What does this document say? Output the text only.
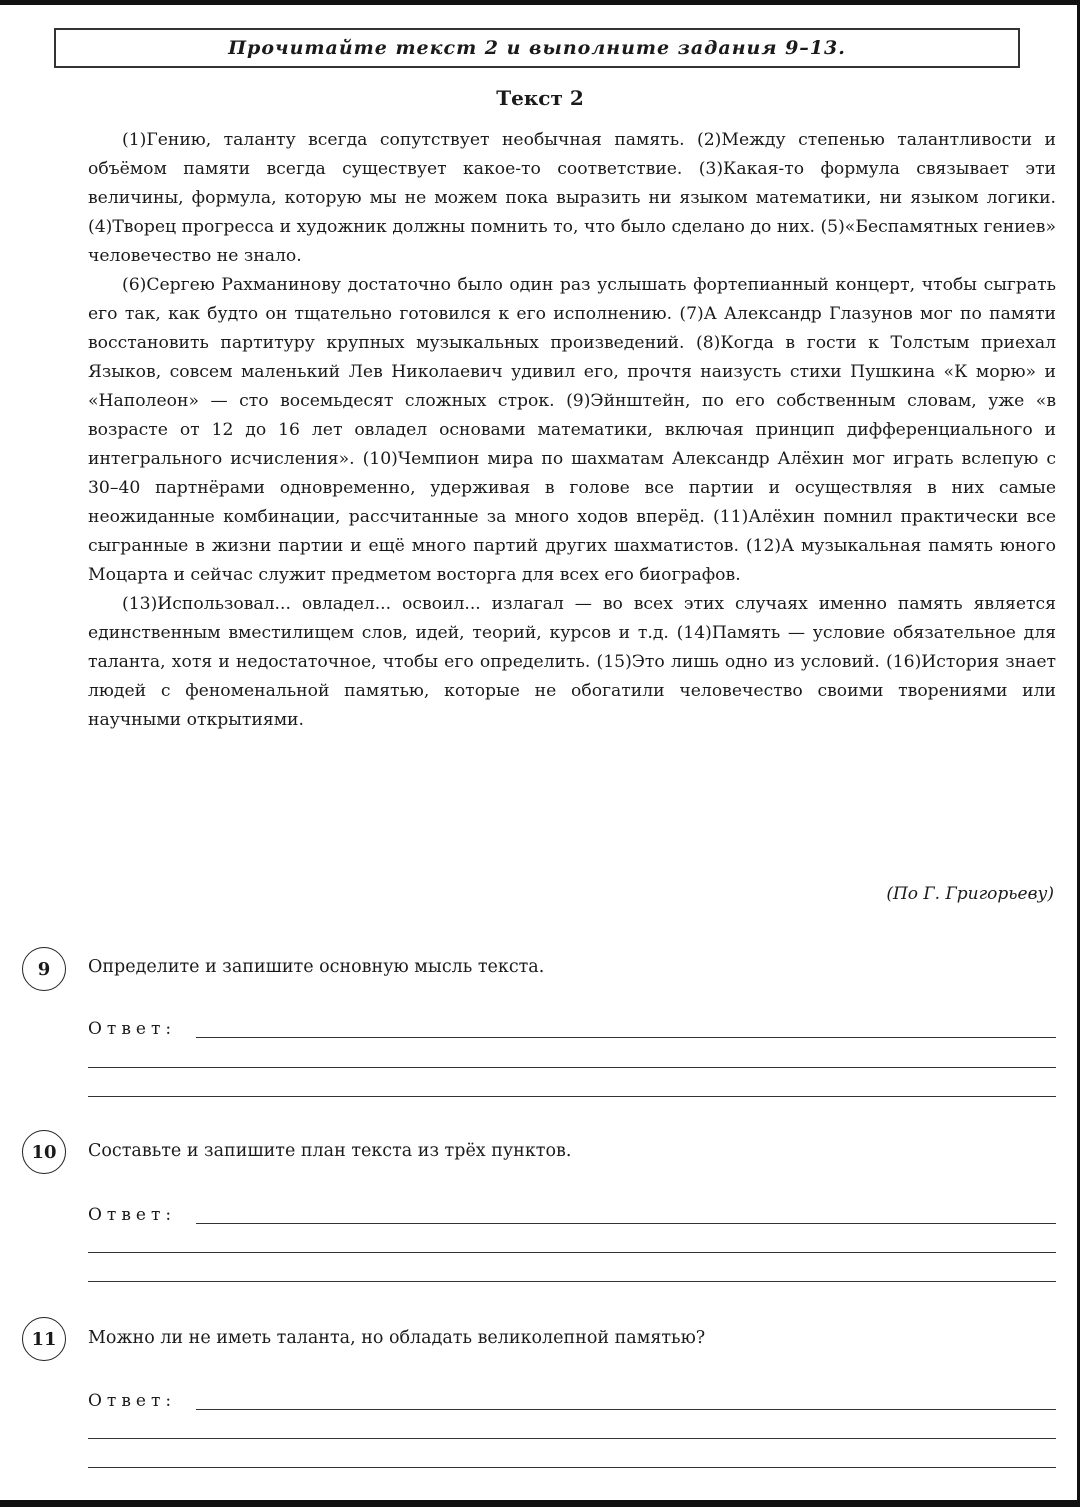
Прочитайте текст 2 и выполните задания 9–13.
Текст 2

(1)Гению, таланту всегда сопутствует необычная память. (2)Между степенью талантливости и объёмом памяти всегда существует какое-то соответствие. (3)Какая-то формула связывает эти величины, формула, которую мы не можем пока выразить ни языком математики, ни языком логики. (4)Творец прогресса и художник должны помнить то, что было сделано до них. (5)«Беспамятных гениев» человечество не знало.

(6)Сергею Рахманинову достаточно было один раз услышать фортепианный концерт, чтобы сыграть его так, как будто он тщательно готовился к его исполнению. (7)А Александр Глазунов мог по памяти восстановить партитуру крупных музыкальных произведений. (8)Когда в гости к Толстым приехал Языков, совсем маленький Лев Николаевич удивил его, прочтя наизусть стихи Пушкина «К морю» и «Наполеон» — сто восемьдесят сложных строк. (9)Эйнштейн, по его собственным словам, уже «в возрасте от 12 до 16 лет овладел основами математики, включая принцип дифференциального и интегрального исчисления». (10)Чемпион мира по шахматам Александр Алёхин мог играть вслепую с 30–40 партнёрами одновременно, удерживая в голове все партии и осуществляя в них самые неожиданные комбинации, рассчитанные за много ходов вперёд. (11)Алёхин помнил практически все сыгранные в жизни партии и ещё много партий других шахматистов. (12)А музыкальная память юного Моцарта и сейчас служит предметом восторга для всех его биографов.

(13)Использовал... овладел... освоил... излагал — во всех этих случаях именно память является единственным вместилищем слов, идей, теорий, курсов и т.д. (14)Память — условие обязательное для таланта, хотя и недостаточное, чтобы его определить. (15)Это лишь одно из условий. (16)История знает людей с феноменальной памятью, которые не обогатили человечество своими творениями или научными открытиями.

(По Г. Григорьеву)
9	Определите и запишите основную мысль текста.
Ответ:
10	Составьте и запишите план текста из трёх пунктов.
Ответ:
11	Можно ли не иметь таланта, но обладать великолепной памятью?
Ответ:
